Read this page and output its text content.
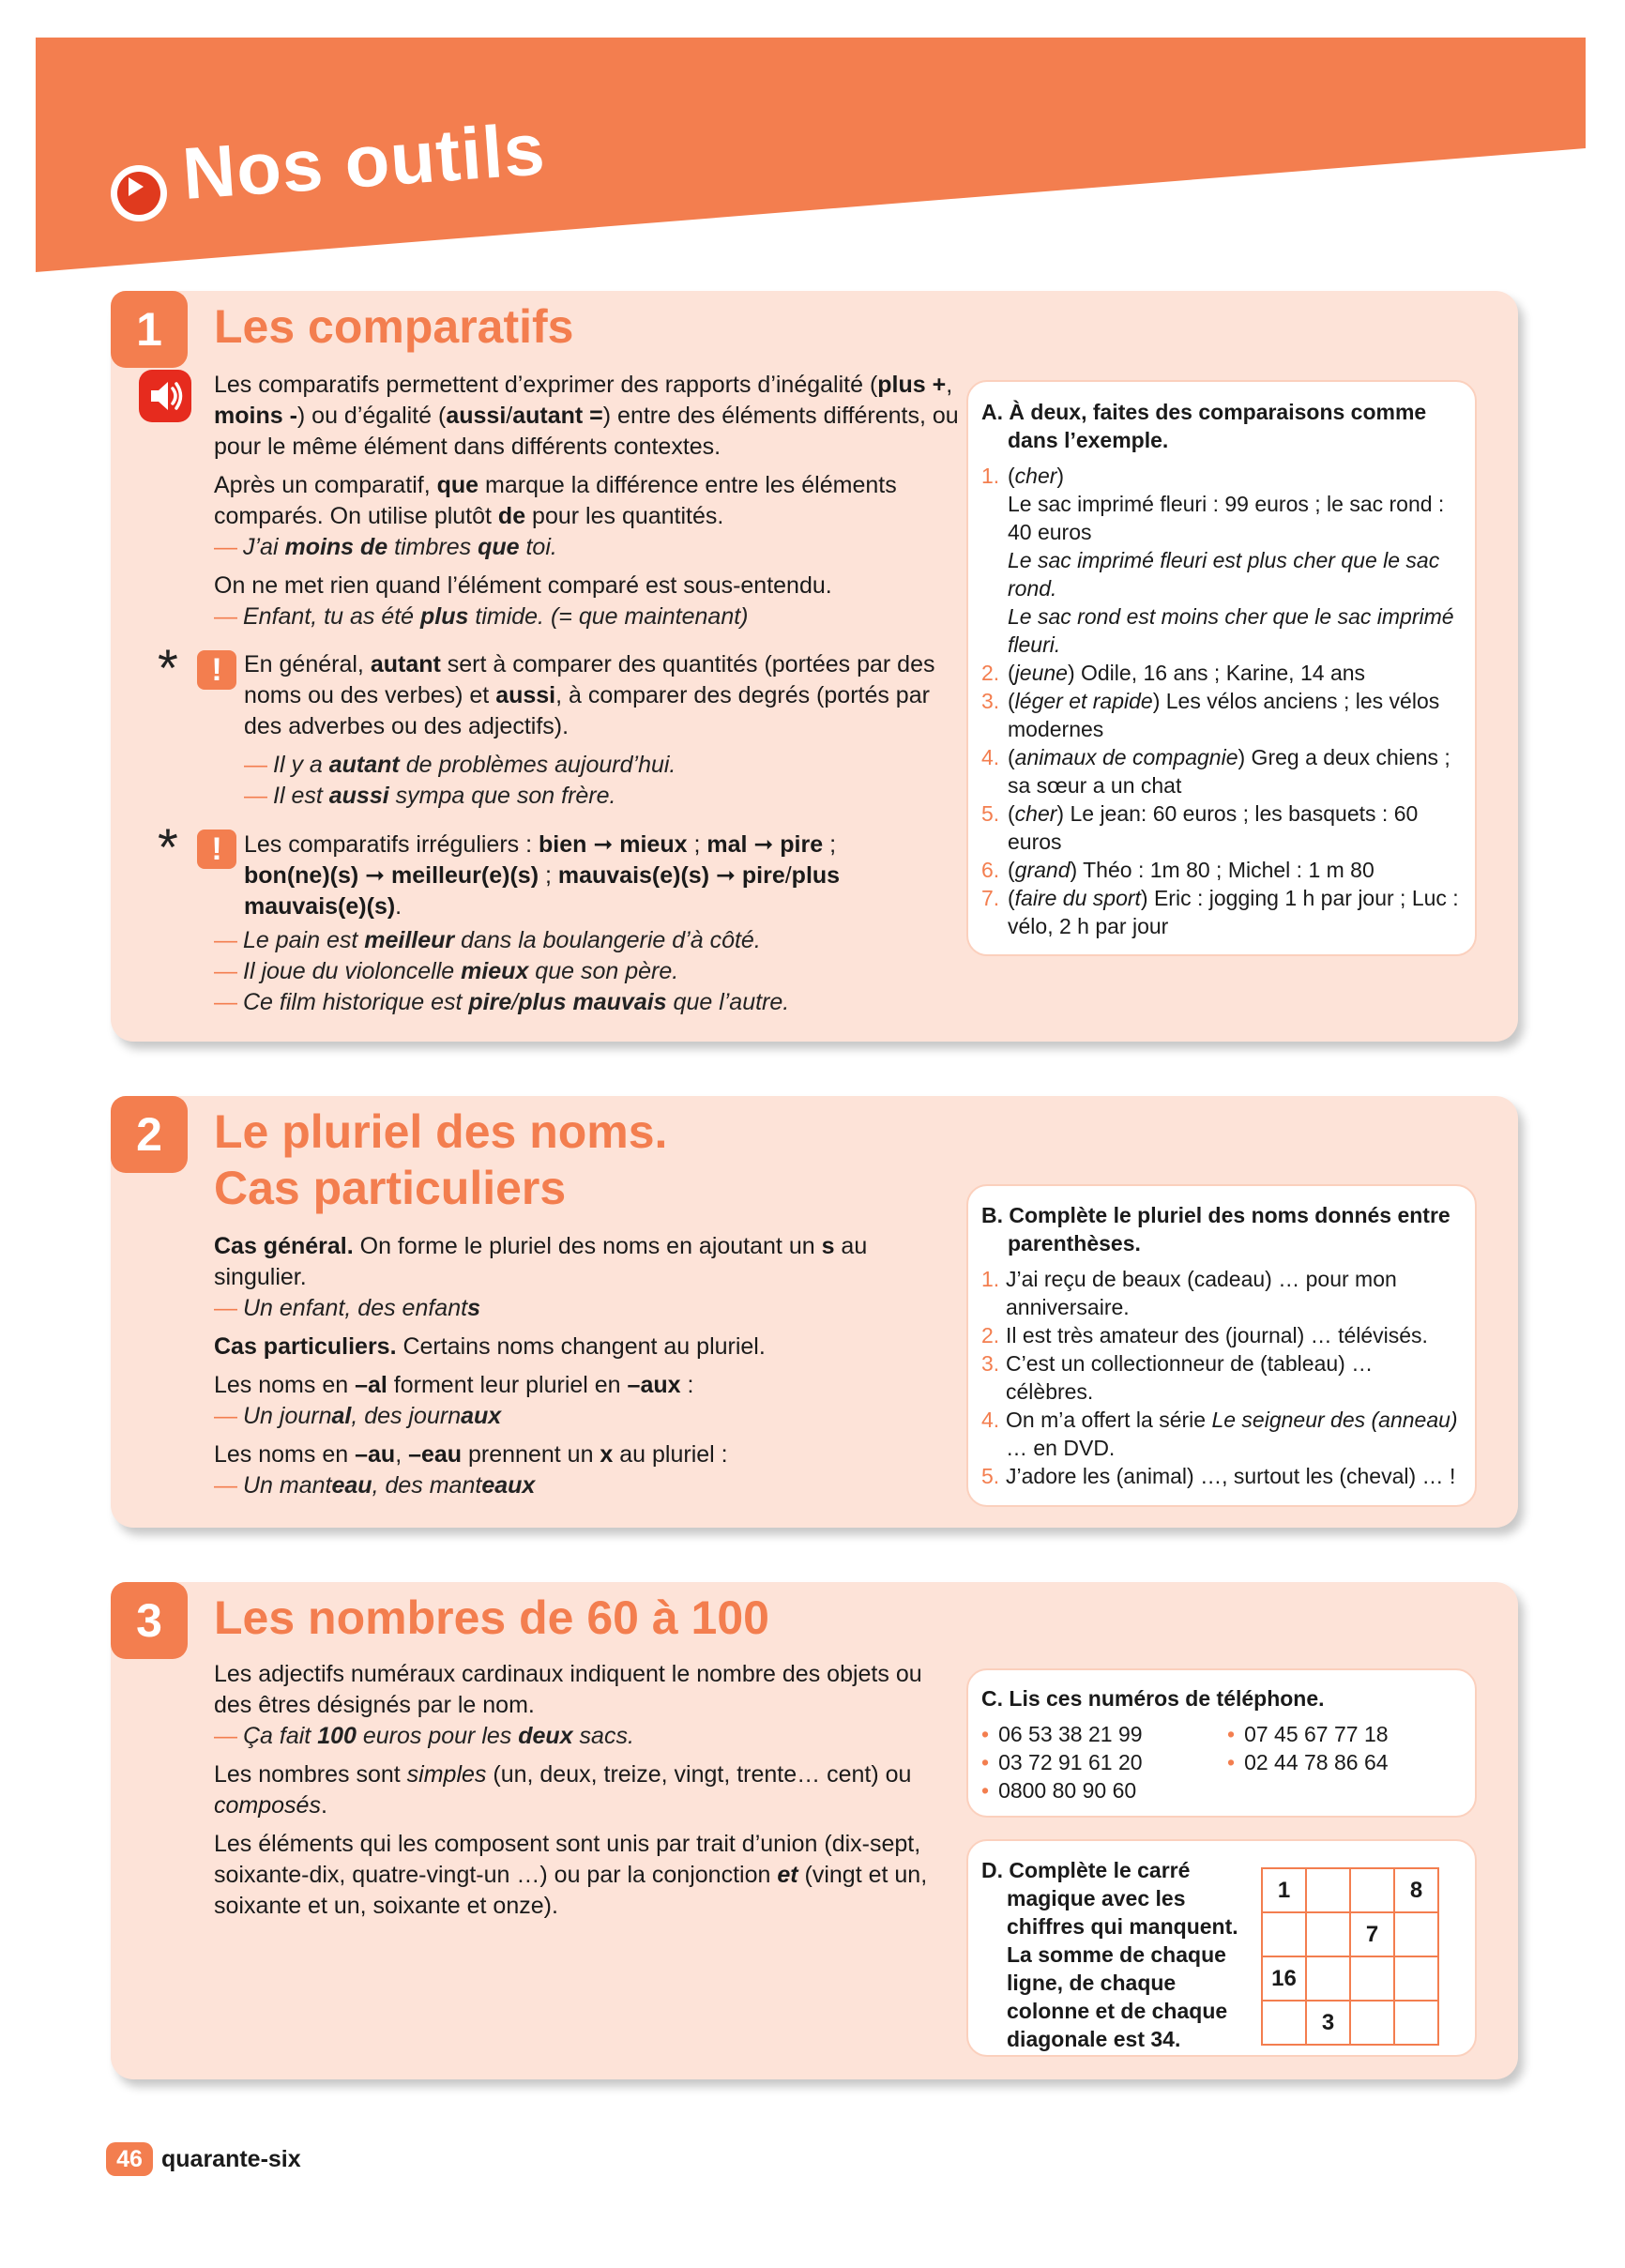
Nos outils
1	Les comparatifs

Les comparatifs permettent d’exprimer des rapports d’inégalité (plus +, moins -) ou d’égalité (aussi/autant =) entre des éléments différents, ou pour le même élément dans différents contextes.

Après un comparatif, que marque la différence entre les éléments comparés. On utilise plutôt de pour les quantités.

— J’ai moins de timbres que toi.

On ne met rien quand l’élément comparé est sous-entendu.

— Enfant, tu as été plus timide. (= que maintenant)

*	! En général, autant sert à comparer des quantités (portées par des noms ou des verbes) et aussi, à comparer des degrés (portés par des adverbes ou des adjectifs).

— Il y a autant de problèmes aujourd’hui.

— Il est aussi sympa que son frère.

*	! Les comparatifs irréguliers : bien ➞ mieux ; mal ➞ pire ; bon(ne)(s) ➞ meilleur(e)(s) ; mauvais(e)(s) ➞ pire/plus mauvais(e)(s).

— Le pain est meilleur dans la boulangerie d’à côté.

— Il joue du violoncelle mieux que son père.

— Ce film historique est pire/plus mauvais que l’autre.

A. À deux, faites des comparaisons comme dans l’exemple.

1. (cher)

Le sac imprimé fleuri : 99 euros ; le sac rond : 40 euros

Le sac imprimé fleuri est plus cher que le sac rond.

Le sac rond est moins cher que le sac imprimé fleuri.

2. (jeune) Odile, 16 ans ; Karine, 14 ans

3. (léger et rapide) Les vélos anciens ; les vélos modernes

4. (animaux de compagnie) Greg a deux chiens ; sa sœur a un chat

5. (cher) Le jean: 60 euros ; les basquets : 60 euros

6. (grand) Théo : 1m 80 ; Michel : 1 m 80

7. (faire du sport) Eric : jogging 1 h par jour ; Luc : vélo, 2 h par jour

2	Le pluriel des noms.
Cas particuliers

Cas général. On forme le pluriel des noms en ajoutant un s au singulier.

— Un enfant, des enfants

Cas particuliers. Certains noms changent au pluriel.

Les noms en –al forment leur pluriel en –aux :

— Un journal, des journaux

Les noms en –au, –eau prennent un x au pluriel :

— Un manteau, des manteaux

B. Complète le pluriel des noms donnés entre parenthèses.

1. J’ai reçu de beaux (cadeau) … pour mon anniversaire.

2. Il est très amateur des (journal) … télévisés.

3. C’est un collectionneur de (tableau) … célèbres.

4. On m’a offert la série Le seigneur des (anneau) … en DVD.

5. J’adore les (animal) …, surtout les (cheval) … !

3	Les nombres de 60 à 100

Les adjectifs numéraux cardinaux indiquent le nombre des objets ou des êtres désignés par le nom.

— Ça fait 100 euros pour les deux sacs.

Les nombres sont simples (un, deux, treize, vingt, trente… cent) ou composés.

Les éléments qui les composent sont unis par trait d’union (dix-sept, soixante-dix, quatre-vingt-un …) ou par la conjonction et (vingt et un, soixante et un, soixante et onze).

C. Lis ces numéros de téléphone.

• 06 53 38 21 99

• 03 72 91 61 20

• 0800 80 90 60

• 07 45 67 77 18

• 02 44 78 86 64

D. Complète le carré

magique avec les

chiffres qui manquent.

La somme de chaque

ligne, de chaque

colonne et de chaque

diagonale est 34.

1			8
		7	
16			
	3		
46 quarante-six
